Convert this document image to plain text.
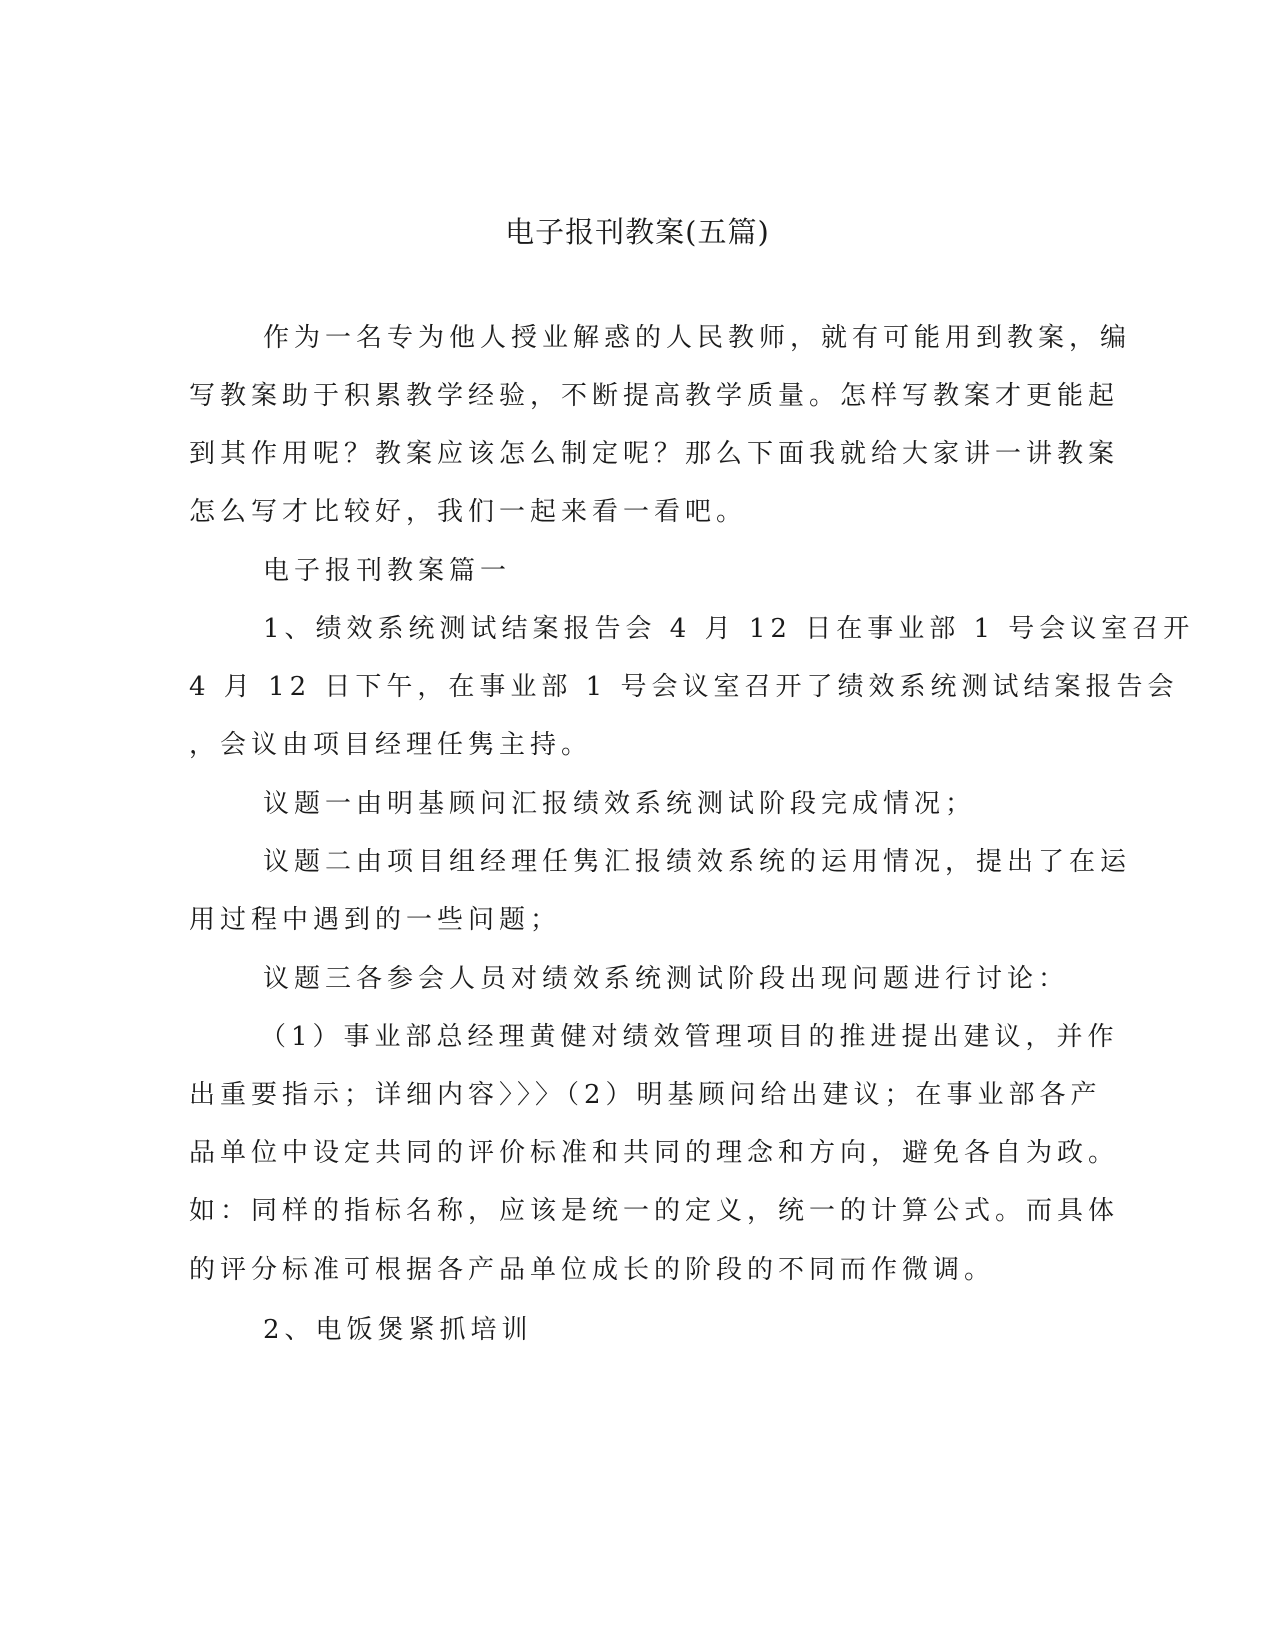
电子报刊教案(五篇)
作为一名专为他人授业解惑的人民教师，就有可能用到教案，编
写教案助于积累教学经验，不断提高教学质量。怎样写教案才更能起
到其作用呢？教案应该怎么制定呢？那么下面我就给大家讲一讲教案
怎么写才比较好，我们一起来看一看吧。
电子报刊教案篇一
1、绩效系统测试结案报告会 4 月 12 日在事业部 1 号会议室召开
4 月 12 日下午，在事业部 1 号会议室召开了绩效系统测试结案报告会
，会议由项目经理任隽主持。
议题一由明基顾问汇报绩效系统测试阶段完成情况；
议题二由项目组经理任隽汇报绩效系统的运用情况，提出了在运
用过程中遇到的一些问题；
议题三各参会人员对绩效系统测试阶段出现问题进行讨论：
（1）事业部总经理黄健对绩效管理项目的推进提出建议，并作
出重要指示；详细内容〉〉〉（2）明基顾问给出建议；在事业部各产
品单位中设定共同的评价标准和共同的理念和方向，避免各自为政。
如：同样的指标名称，应该是统一的定义，统一的计算公式。而具体
的评分标准可根据各产品单位成长的阶段的不同而作微调。
2、电饭煲紧抓培训
